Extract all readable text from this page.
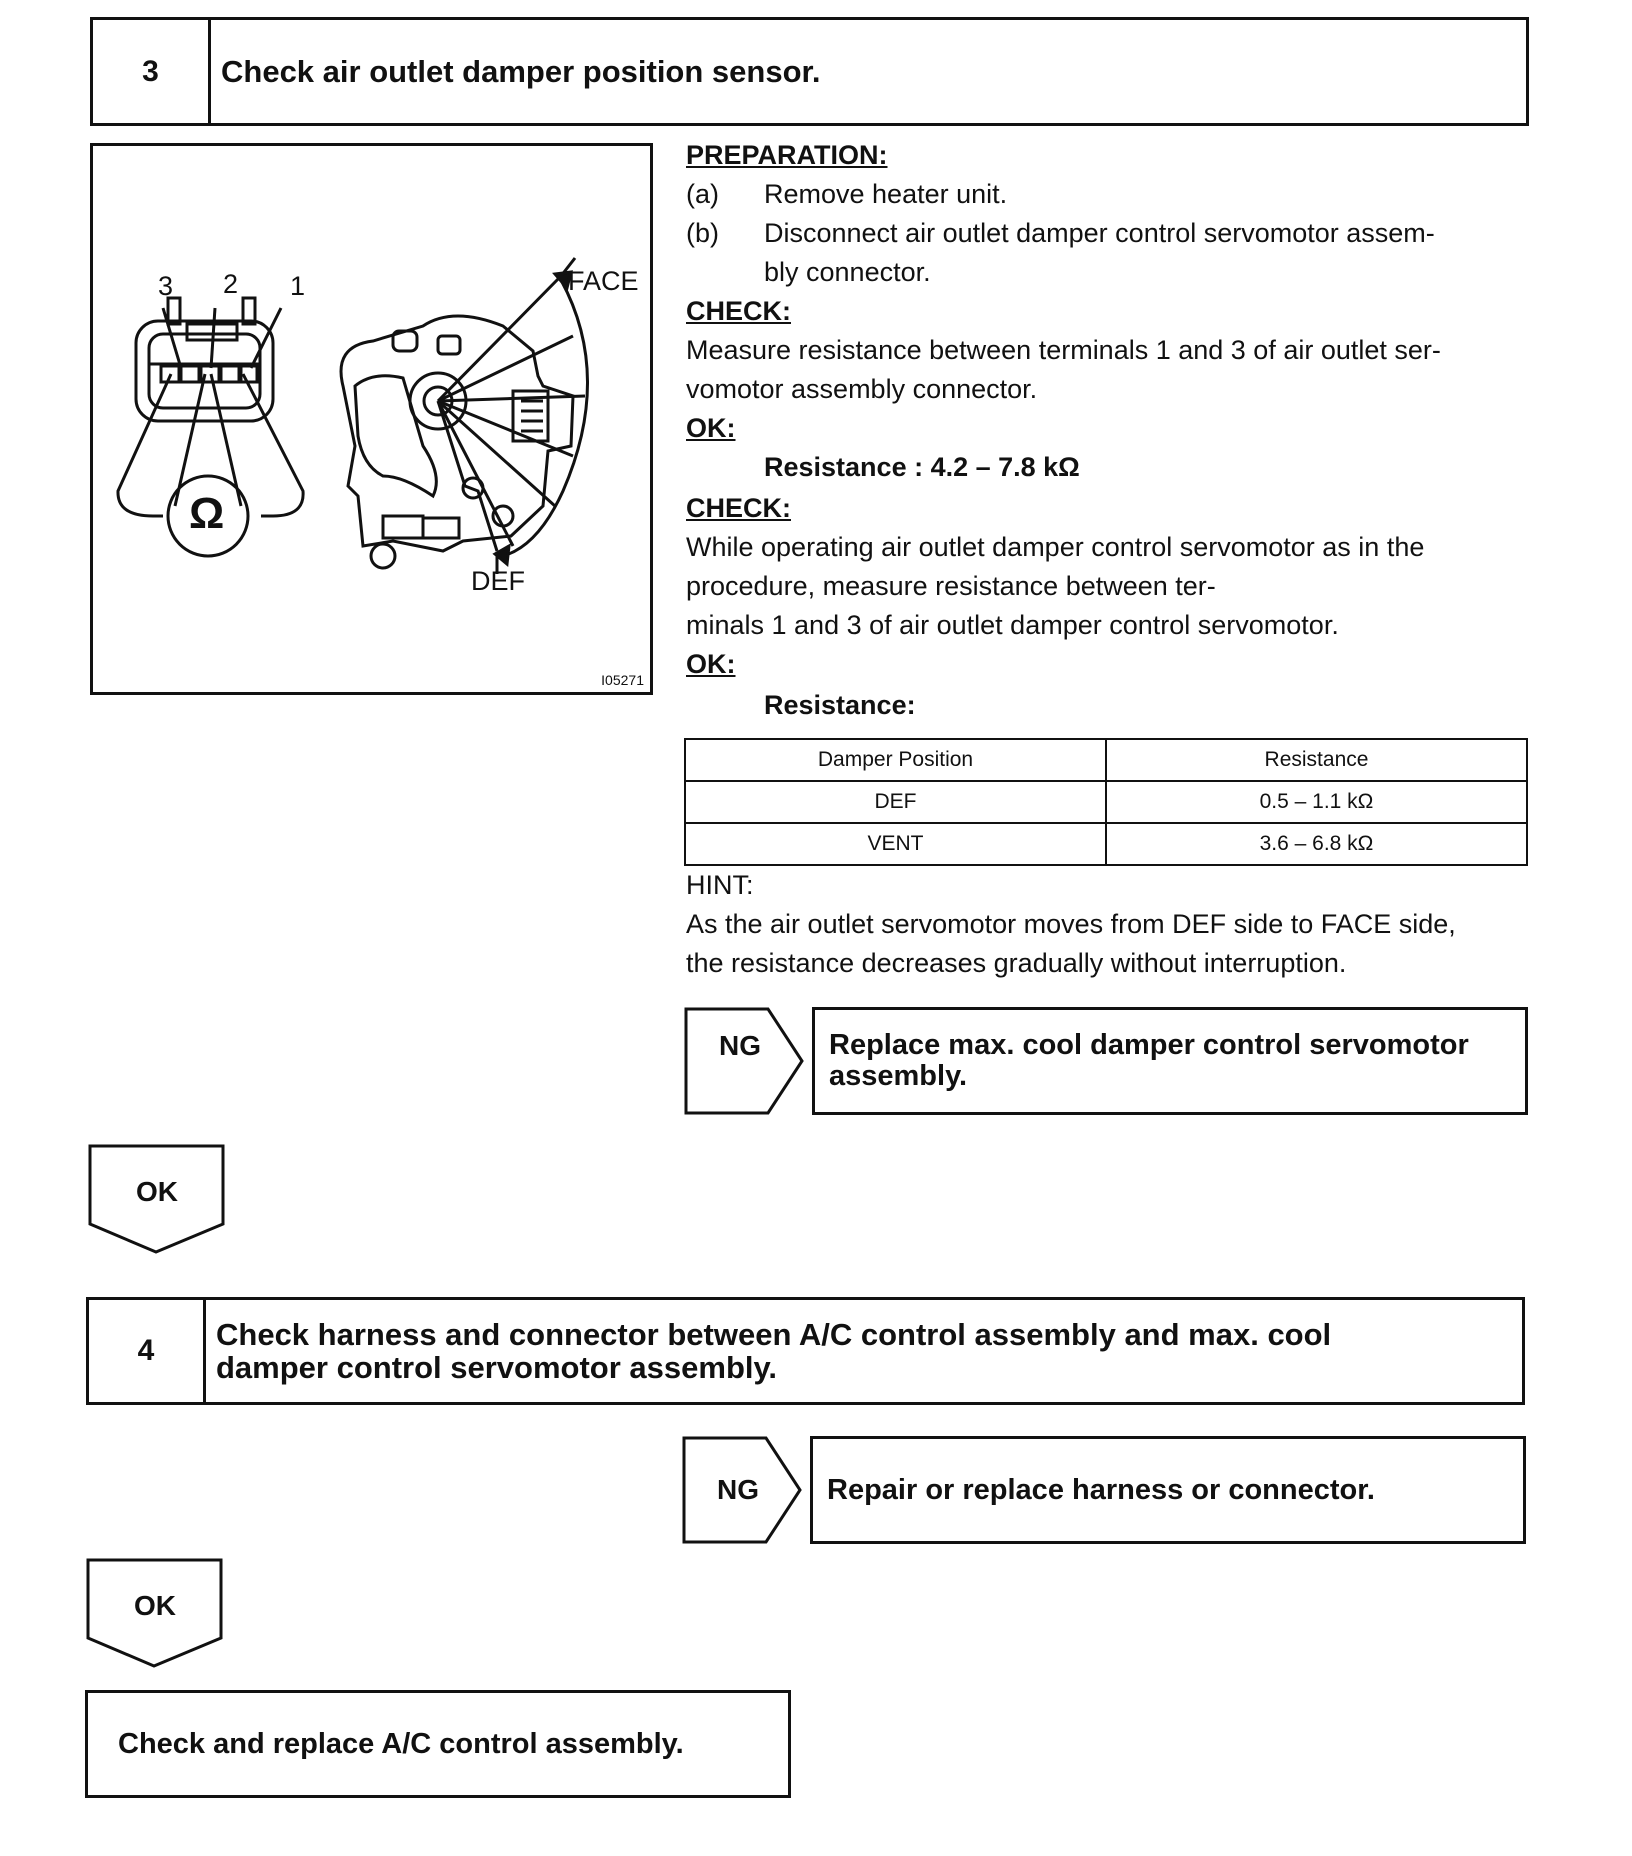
3	Check air outlet damper position sensor.
3 2 1	FACE
DEF
Ω
I05271
PREPARATION:
(a) Remove heater unit.
(b) Disconnect air outlet damper control servomotor assem-
bly connector.
CHECK:
Measure resistance between terminals 1 and 3 of air outlet ser-
vomotor assembly connector.
OK:
Resistance : 4.2 – 7.8 kΩ
CHECK:
While operating air outlet damper control servomotor as in the
procedure, measure resistance between ter-
minals 1 and 3 of air outlet damper control servomotor.
OK:
Resistance:
Damper Position	Resistance
DEF	0.5 – 1.1 kΩ
VENT	3.6 – 6.8 kΩ
HINT:
As the air outlet servomotor moves from DEF side to FACE side,
the resistance decreases gradually without interruption.
NG Replace max. cool damper control servomotor
assembly.
OK
4	Check harness and connector between A/C control assembly and max. cool
damper control servomotor assembly.
NG	Repair or replace harness or connector.
OK
Check and replace A/C control assembly.
